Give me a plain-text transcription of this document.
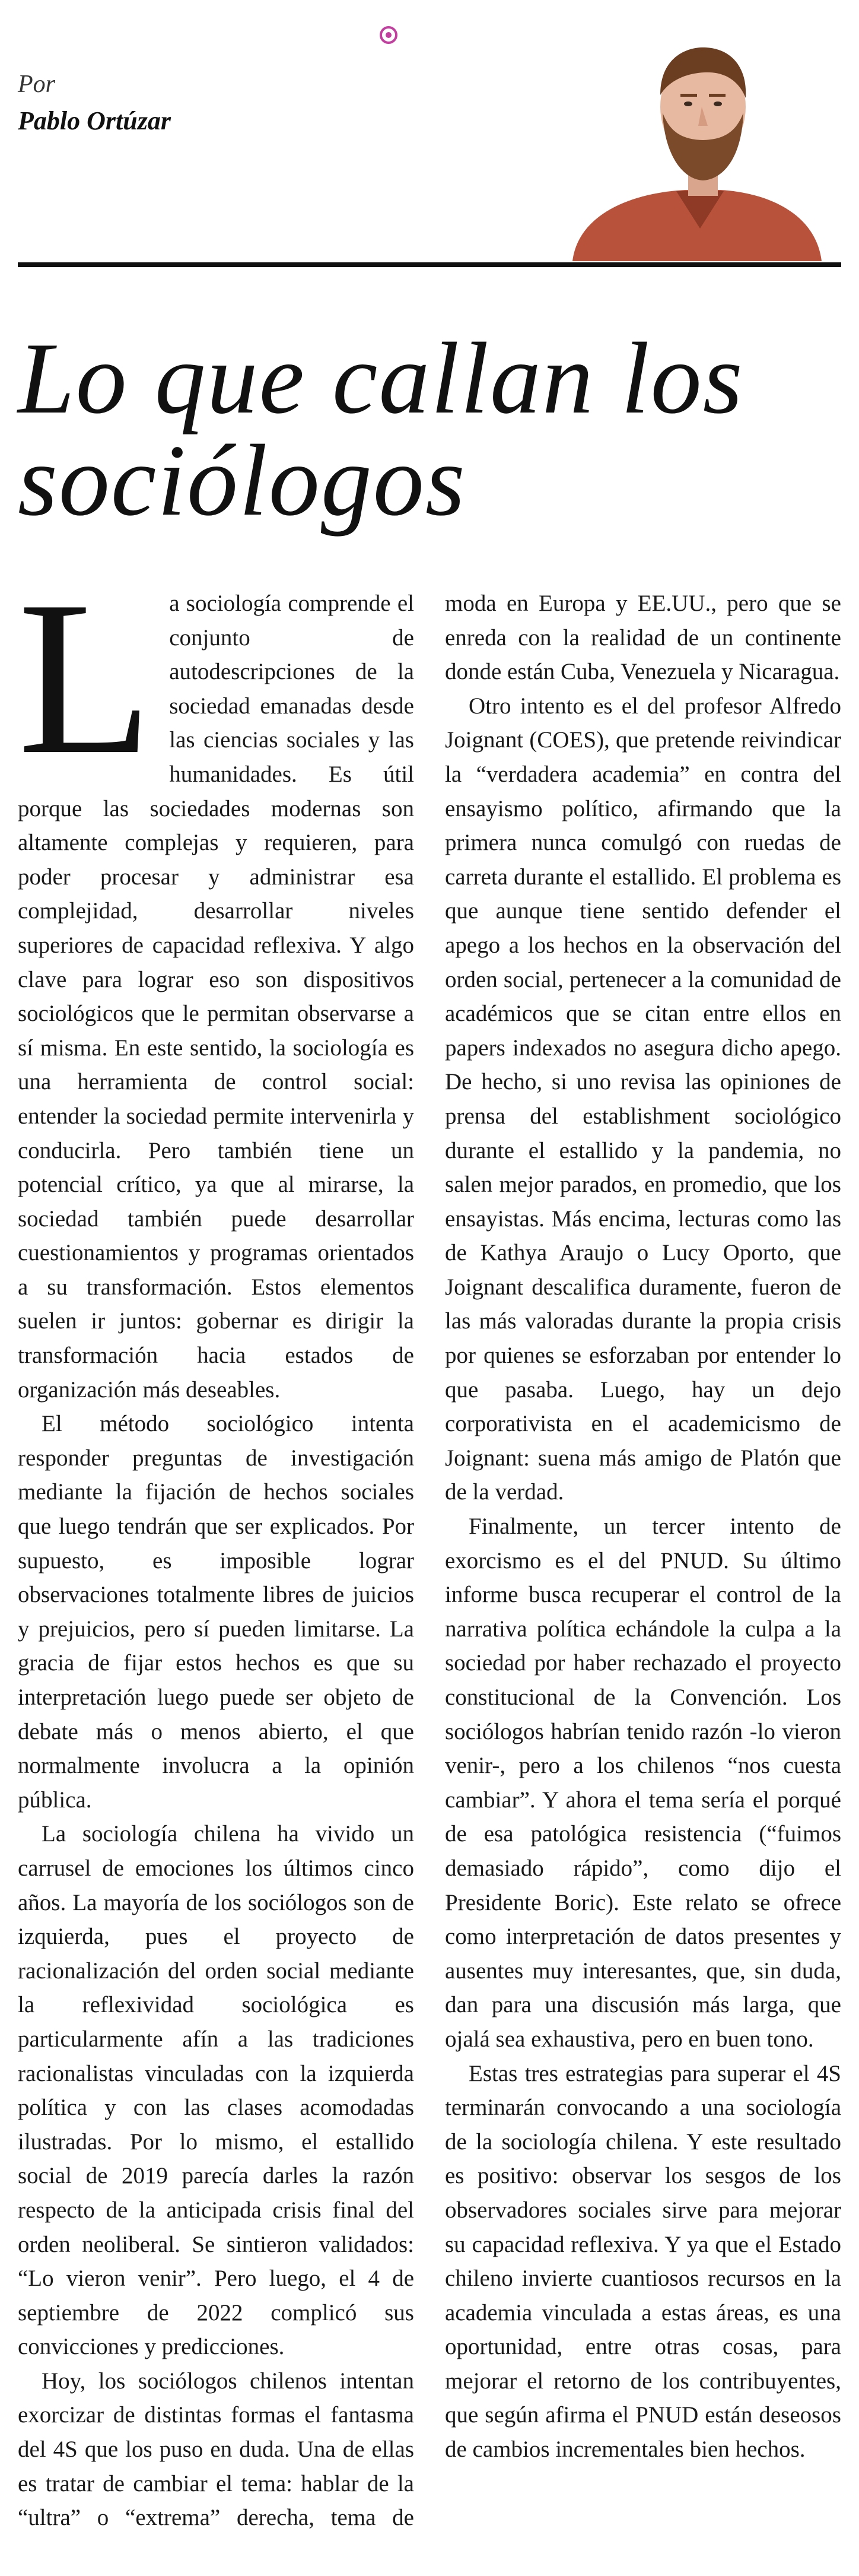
Por
Pablo Ortúzar
Lo que callan los sociólogos

La sociología comprende el conjunto de autodescripciones de la sociedad emanadas desde las ciencias sociales y las humanidades. Es útil porque las sociedades modernas son altamente complejas y requieren, para poder procesar y administrar esa complejidad, desarrollar niveles superiores de capacidad reflexiva. Y algo clave para lograr eso son dispositivos sociológicos que le permitan observarse a sí misma. En este sentido, la sociología es una herramienta de control social: entender la sociedad permite intervenirla y conducirla. Pero también tiene un potencial crítico, ya que al mirarse, la sociedad también puede desarrollar cuestionamientos y programas orientados a su transformación. Estos elementos suelen ir juntos: gobernar es dirigir la transformación hacia estados de organización más deseables.

El método sociológico intenta responder preguntas de investigación mediante la fijación de hechos sociales que luego tendrán que ser explicados. Por supuesto, es imposible lograr observaciones totalmente libres de juicios y prejuicios, pero sí pueden limitarse. La gracia de fijar estos hechos es que su interpretación luego puede ser objeto de debate más o menos abierto, el que normalmente involucra a la opinión pública.

La sociología chilena ha vivido un carrusel de emociones los últimos cinco años. La mayoría de los sociólogos son de izquierda, pues el proyecto de racionalización del orden social mediante la reflexividad sociológica es particularmente afín a las tradiciones racionalistas vinculadas con la izquierda política y con las clases acomodadas ilustradas. Por lo mismo, el estallido social de 2019 parecía darles la razón respecto de la anticipada crisis final del orden neoliberal. Se sintieron validados: “Lo vieron venir”. Pero luego, el 4 de septiembre de 2022 complicó sus convicciones y predicciones.

Hoy, los sociólogos chilenos intentan exorcizar de distintas formas el fantasma del 4S que los puso en duda. Una de ellas es tratar de cambiar el tema: hablar de la “ultra” o “extrema” derecha, tema de moda en Europa y EE.UU., pero que se enreda con la realidad de un continente donde están Cuba, Venezuela y Nicaragua.

Otro intento es el del profesor Alfredo Joignant (COES), que pretende reivindicar la “verdadera academia” en contra del ensayismo político, afirmando que la primera nunca comulgó con ruedas de carreta durante el estallido. El problema es que aunque tiene sentido defender el apego a los hechos en la observación del orden social, pertenecer a la comunidad de académicos que se citan entre ellos en papers indexados no asegura dicho apego. De hecho, si uno revisa las opiniones de prensa del establishment sociológico durante el estallido y la pandemia, no salen mejor parados, en promedio, que los ensayistas. Más encima, lecturas como las de Kathya Araujo o Lucy Oporto, que Joignant descalifica duramente, fueron de las más valoradas durante la propia crisis por quienes se esforzaban por entender lo que pasaba. Luego, hay un dejo corporativista en el academicismo de Joignant: suena más amigo de Platón que de la verdad.

Finalmente, un tercer intento de exorcismo es el del PNUD. Su último informe busca recuperar el control de la narrativa política echándole la culpa a la sociedad por haber rechazado el proyecto constitucional de la Convención. Los sociólogos habrían tenido razón -lo vieron venir-, pero a los chilenos “nos cuesta cambiar”. Y ahora el tema sería el porqué de esa patológica resistencia (“fuimos demasiado rápido”, como dijo el Presidente Boric). Este relato se ofrece como interpretación de datos presentes y ausentes muy interesantes, que, sin duda, dan para una discusión más larga, que ojalá sea exhaustiva, pero en buen tono.

Estas tres estrategias para superar el 4S terminarán convocando a una sociología de la sociología chilena. Y este resultado es positivo: observar los sesgos de los observadores sociales sirve para mejorar su capacidad reflexiva. Y ya que el Estado chileno invierte cuantiosos recursos en la academia vinculada a estas áreas, es una oportunidad, entre otras cosas, para mejorar el retorno de los contribuyentes, que según afirma el PNUD están deseosos de cambios incrementales bien hechos.
